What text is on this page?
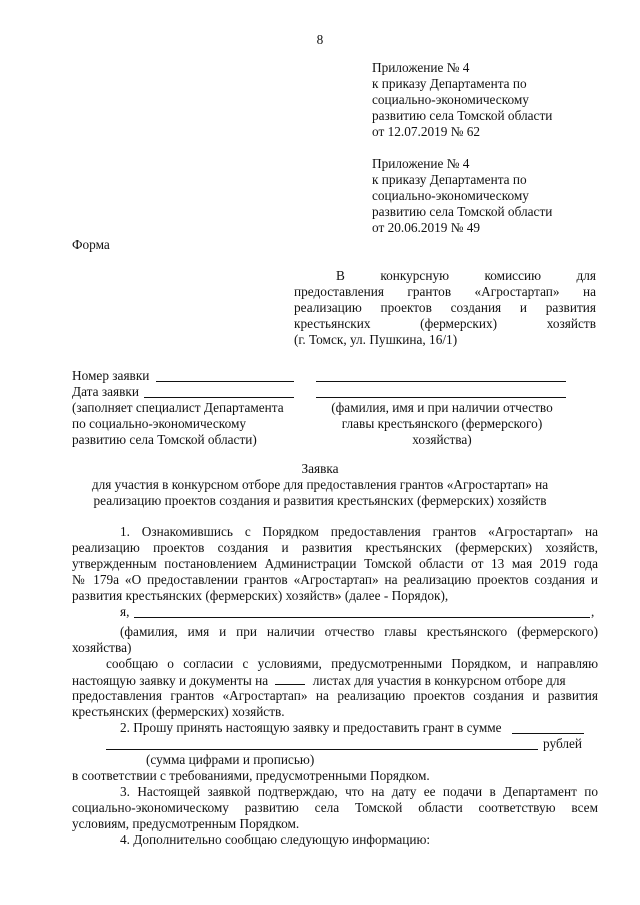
8
Приложение № 4
к приказу Департамента по
социально-экономическому
развитию села Томской области
от 12.07.2019 № 62
Приложение № 4
к приказу Департамента по
социально-экономическому
развитию села Томской области
от 20.06.2019 № 49
Форма
В конкурсную комиссию для
предоставления грантов «Агростартап» на
реализацию проектов создания и развития
крестьянских (фермерских) хозяйств
(г. Томск, ул. Пушкина, 16/1)
Номер заявки
Дата заявки
(заполняет специалист Департамента
по социально-экономическому
развитию села Томской области)
(фамилия, имя и при наличии отчество
главы крестьянского (фермерского)
хозяйства)
Заявка
для участия в конкурсном отборе для предоставления грантов «Агростартап» на
реализацию проектов создания и развития крестьянских (фермерских) хозяйств
1. Ознакомившись с Порядком предоставления грантов «Агростартап» на
реализацию проектов создания и развития крестьянских (фермерских) хозяйств,
утвержденным постановлением Администрации Томской области от 13 мая 2019 года
№ 179а «О предоставлении грантов «Агростартап» на реализацию проектов создания и
развития крестьянских (фермерских) хозяйств» (далее - Порядок),
я,	,
(фамилия, имя и при наличии отчество главы крестьянского (фермерского)
хозяйства)
сообщаю о согласии с условиями, предусмотренными Порядком, и направляю
настоящую заявку и документы на	листах для участия в конкурсном отборе для
предоставления грантов «Агростартап» на реализацию проектов создания и развития
крестьянских (фермерских) хозяйств.
2. Прошу принять настоящую заявку и предоставить грант в сумме
рублей
(сумма цифрами и прописью)
в соответствии с требованиями, предусмотренными Порядком.
3. Настоящей заявкой подтверждаю, что на дату ее подачи в Департамент по
социально-экономическому развитию села Томской области соответствую всем
условиям, предусмотренным Порядком.
4. Дополнительно сообщаю следующую информацию:
